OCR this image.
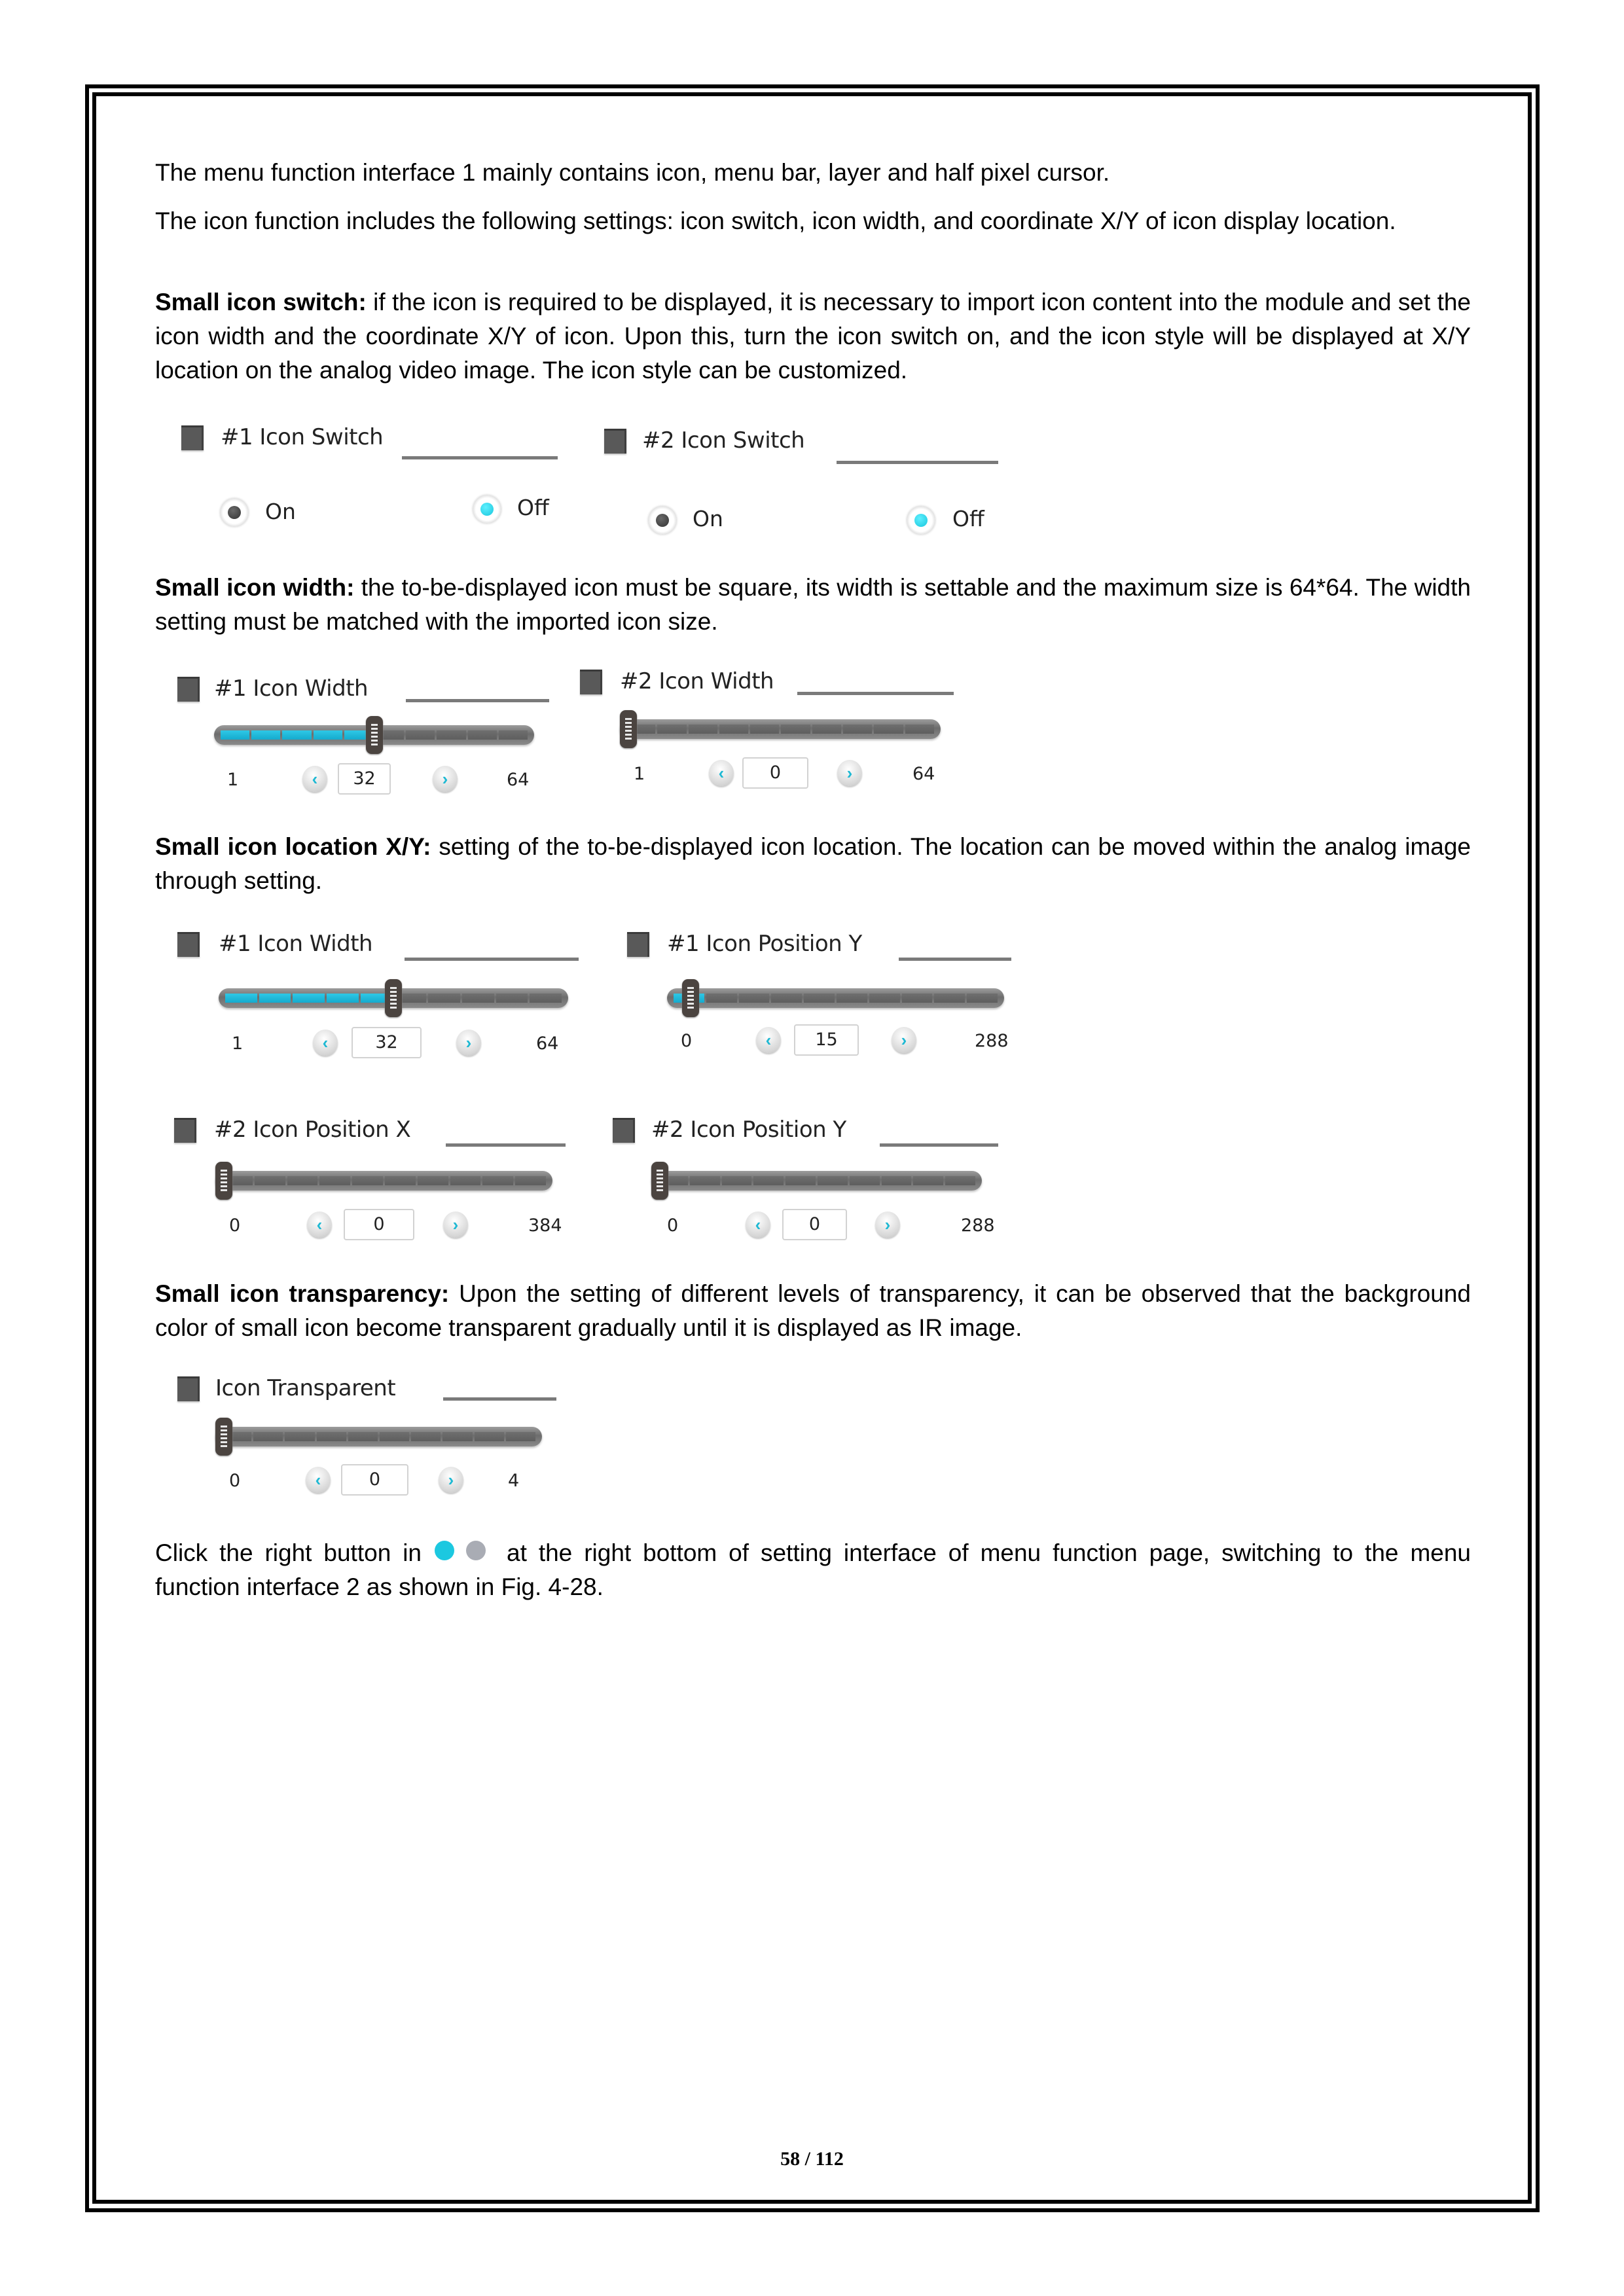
The menu function interface 1 mainly contains icon, menu bar, layer and half pixel cursor.

The icon function includes the following settings: icon switch, icon width, and coordinate X/Y of icon display location.

Small icon switch: if the icon is required to be displayed, it is necessary to import icon content into the module and set the icon width and the coordinate X/Y of icon. Upon this, turn the icon switch on, and the icon style will be displayed at X/Y location on the analog video image. The icon style can be customized.

#1 Icon Switch
On	Off
#2 Icon Switch
On	Off

Small icon width: the to-be-displayed icon must be square, its width is settable and the maximum size is 64*64. The width setting must be matched with the imported icon size.

#1 Icon Width
1	‹	32	›	64
#2 Icon Width
1	‹	0	›	64
#1 Icon Width
1	‹	32	›	64
#1 Icon Position Y
0	‹	15	›	288
#2 Icon Position X
0	‹	0	›	384
#2 Icon Position Y
0	‹	0	›	288
Icon Transparent
0	‹	0	›	4

Small icon location X/Y: setting of the to-be-displayed icon location. The location can be moved within the analog image through setting.

Small icon transparency: Upon the setting of different levels of transparency, it can be observed that the background color of small icon become transparent gradually until it is displayed as IR image.

Click the right button in	at the right bottom of setting interface of menu function page, switching to the menu function interface 2 as shown in Fig. 4-28.
58 / 112
